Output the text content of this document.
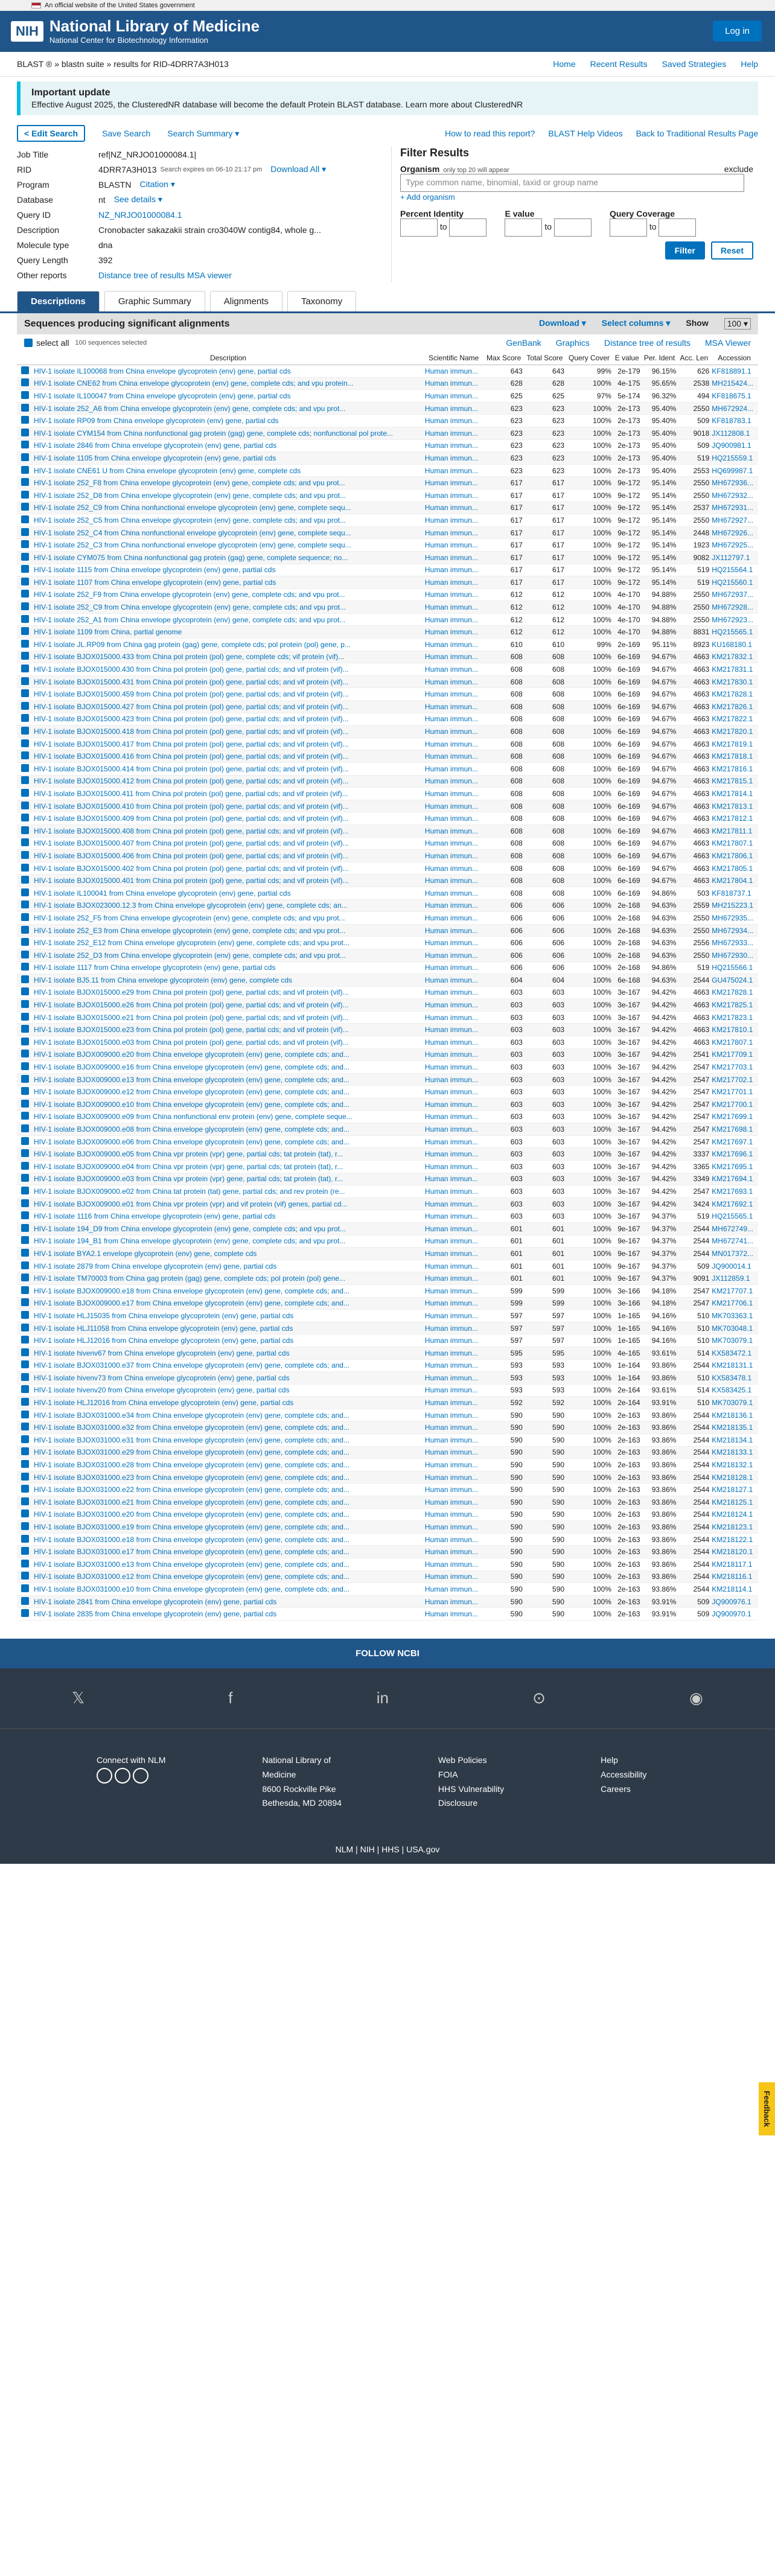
An official website of the United States government
NIH National Library of Medicine
National Center for Biotechnology Information
Log in
BLAST ® » blastn suite » results for RID-4DRR7A3H013	Home Recent Results Saved Strategies Help
Important update
Effective August 2025, the ClusteredNR database will become the default Protein BLAST database. Learn more about ClusteredNR
< Edit Search	Save Search Search Summary ▾	How to read this report? BLAST Help Videos Back to Traditional Results Page
Job Title	ref|NZ_NRJO01000084.1|
RID	4DRR7A3H013 Search expires on 06-10 21:17 pm Download All ▾
Program	BLASTN Citation ▾
Database	nt See details ▾
Query ID	NZ_NRJO01000084.1
Description	Cronobacter sakazakii strain cro3040W contig84, whole g...
Molecule type	dna
Query Length	392
Other reports	Distance tree of results MSA viewer
Filter Results
Organism only top 20 will appear	exclude
Type common name, binomial, taxid or group name
+ Add organism
Percent Identity
to
E value
to
Query Coverage
to
Filter	Reset
Descriptions	Graphic Summary	Alignments	Taxonomy
Sequences producing significant alignments	Download ▾ Select columns ▾ Show	100 ▾
select all 100 sequences selected	GenBank Graphics Distance tree of results MSA Viewer
	Description	Scientific Name	Max Score	Total Score	Query Cover	E value	Per. Ident	Acc. Len	Accession
	HIV-1 isolate IL100068 from China envelope glycoprotein (env) gene, partial cds	Human immun...	643	643	99%	2e-179	96.15%	626	KF818891.1
	HIV-1 isolate CNE62 from China envelope glycoprotein (env) gene, complete cds; and vpu protein...	Human immun...	628	628	100%	4e-175	95.65%	2538	MH215424...
	HIV-1 isolate IL100047 from China envelope glycoprotein (env) gene, partial cds	Human immun...	625	625	97%	5e-174	96.32%	494	KF818675.1
	HIV-1 isolate 252_A6 from China envelope glycoprotein (env) gene, complete cds; and vpu prot...	Human immun...	623	623	100%	2e-173	95.40%	2550	MH672924...
	HIV-1 isolate RP09 from China envelope glycoprotein (env) gene, partial cds	Human immun...	623	623	100%	2e-173	95.40%	509	KF818783.1
	HIV-1 isolate CYM154 from China nonfunctional gag protein (gag) gene, complete cds; nonfunctional pol prote...	Human immun...	623	623	100%	2e-173	95.40%	9018	JX112808.1
	HIV-1 isolate 2846 from China envelope glycoprotein (env) gene, partial cds	Human immun...	623	623	100%	2e-173	95.40%	509	JQ900981.1
	HIV-1 isolate 1105 from China envelope glycoprotein (env) gene, partial cds	Human immun...	623	623	100%	2e-173	95.40%	519	HQ215559.1
	HIV-1 isolate CNE61 U from China envelope glycoprotein (env) gene, complete cds	Human immun...	623	623	100%	2e-173	95.40%	2553	HQ699987.1
	HIV-1 isolate 252_F8 from China envelope glycoprotein (env) gene, complete cds; and vpu prot...	Human immun...	617	617	100%	9e-172	95.14%	2550	MH672936...
	HIV-1 isolate 252_D8 from China envelope glycoprotein (env) gene, complete cds; and vpu prot...	Human immun...	617	617	100%	9e-172	95.14%	2550	MH672932...
	HIV-1 isolate 252_C9 from China nonfunctional envelope glycoprotein (env) gene, complete sequ...	Human immun...	617	617	100%	9e-172	95.14%	2537	MH672931...
	HIV-1 isolate 252_C5 from China envelope glycoprotein (env) gene, complete cds; and vpu prot...	Human immun...	617	617	100%	9e-172	95.14%	2550	MH672927...
	HIV-1 isolate 252_C4 from China nonfunctional envelope glycoprotein (env) gene, complete sequ...	Human immun...	617	617	100%	9e-172	95.14%	2448	MH672926...
	HIV-1 isolate 252_C3 from China nonfunctional envelope glycoprotein (env) gene, complete sequ...	Human immun...	617	617	100%	9e-172	95.14%	1923	MH672925...
	HIV-1 isolate CYM075 from China nonfunctional gag protein (gag) gene, complete sequence; no...	Human immun...	617	617	100%	9e-172	95.14%	9082	JX112797.1
	HIV-1 isolate 1115 from China envelope glycoprotein (env) gene, partial cds	Human immun...	617	617	100%	9e-172	95.14%	519	HQ215564.1
	HIV-1 isolate 1107 from China envelope glycoprotein (env) gene, partial cds	Human immun...	617	617	100%	9e-172	95.14%	519	HQ215560.1
	HIV-1 isolate 252_F9 from China envelope glycoprotein (env) gene, complete cds; and vpu prot...	Human immun...	612	612	100%	4e-170	94.88%	2550	MH672937...
	HIV-1 isolate 252_C9 from China envelope glycoprotein (env) gene, complete cds; and vpu prot...	Human immun...	612	612	100%	4e-170	94.88%	2550	MH672928...
	HIV-1 isolate 252_A1 from China envelope glycoprotein (env) gene, complete cds; and vpu prot...	Human immun...	612	612	100%	4e-170	94.88%	2550	MH672923...
	HIV-1 isolate 1109 from China, partial genome	Human immun...	612	612	100%	4e-170	94.88%	8831	HQ215565.1
	HIV-1 isolate JL.RP09 from China gag protein (gag) gene, complete cds; pol protein (pol) gene, p...	Human immun...	610	610	99%	2e-169	95.11%	8923	KU168180.1
	HIV-1 isolate BJOX015000.433 from China pol protein (pol) gene, complete cds; vif protein (vif)...	Human immun...	608	608	100%	6e-169	94.67%	4663	KM217832.1
	HIV-1 isolate BJOX015000.430 from China pol protein (pol) gene, partial cds; and vif protein (vif)...	Human immun...	608	608	100%	6e-169	94.67%	4663	KM217831.1
	HIV-1 isolate BJOX015000.431 from China pol protein (pol) gene, partial cds; and vif protein (vif)...	Human immun...	608	608	100%	6e-169	94.67%	4663	KM217830.1
	HIV-1 isolate BJOX015000.459 from China pol protein (pol) gene, partial cds; and vif protein (vif)...	Human immun...	608	608	100%	6e-169	94.67%	4663	KM217828.1
	HIV-1 isolate BJOX015000.427 from China pol protein (pol) gene, partial cds; and vif protein (vif)...	Human immun...	608	608	100%	6e-169	94.67%	4663	KM217826.1
	HIV-1 isolate BJOX015000.423 from China pol protein (pol) gene, partial cds; and vif protein (vif)...	Human immun...	608	608	100%	6e-169	94.67%	4663	KM217822.1
	HIV-1 isolate BJOX015000.418 from China pol protein (pol) gene, partial cds; and vif protein (vif)...	Human immun...	608	608	100%	6e-169	94.67%	4663	KM217820.1
	HIV-1 isolate BJOX015000.417 from China pol protein (pol) gene, partial cds; and vif protein (vif)...	Human immun...	608	608	100%	6e-169	94.67%	4663	KM217819.1
	HIV-1 isolate BJOX015000.416 from China pol protein (pol) gene, partial cds; and vif protein (vif)...	Human immun...	608	608	100%	6e-169	94.67%	4663	KM217818.1
	HIV-1 isolate BJOX015000.414 from China pol protein (pol) gene, partial cds; and vif protein (vif)...	Human immun...	608	608	100%	6e-169	94.67%	4663	KM217816.1
	HIV-1 isolate BJOX015000.412 from China pol protein (pol) gene, partial cds; and vif protein (vif)...	Human immun...	608	608	100%	6e-169	94.67%	4663	KM217815.1
	HIV-1 isolate BJOX015000.411 from China pol protein (pol) gene, partial cds; and vif protein (vif)...	Human immun...	608	608	100%	6e-169	94.67%	4663	KM217814.1
	HIV-1 isolate BJOX015000.410 from China pol protein (pol) gene, partial cds; and vif protein (vif)...	Human immun...	608	608	100%	6e-169	94.67%	4663	KM217813.1
	HIV-1 isolate BJOX015000.409 from China pol protein (pol) gene, partial cds; and vif protein (vif)...	Human immun...	608	608	100%	6e-169	94.67%	4663	KM217812.1
	HIV-1 isolate BJOX015000.408 from China pol protein (pol) gene, partial cds; and vif protein (vif)...	Human immun...	608	608	100%	6e-169	94.67%	4663	KM217811.1
	HIV-1 isolate BJOX015000.407 from China pol protein (pol) gene, partial cds; and vif protein (vif)...	Human immun...	608	608	100%	6e-169	94.67%	4663	KM217807.1
	HIV-1 isolate BJOX015000.406 from China pol protein (pol) gene, partial cds; and vif protein (vif)...	Human immun...	608	608	100%	6e-169	94.67%	4663	KM217806.1
	HIV-1 isolate BJOX015000.402 from China pol protein (pol) gene, partial cds; and vif protein (vif)...	Human immun...	608	608	100%	6e-169	94.67%	4663	KM217805.1
	HIV-1 isolate BJOX015000.401 from China pol protein (pol) gene, partial cds; and vif protein (vif)...	Human immun...	608	608	100%	6e-169	94.67%	4663	KM217804.1
	HIV-1 isolate IL100041 from China envelope glycoprotein (env) gene, partial cds	Human immun...	608	608	100%	6e-169	94.86%	503	KF818737.1
	HIV-1 isolate BJOX023000.12.3 from China envelope glycoprotein (env) gene, complete cds; an...	Human immun...	606	606	100%	2e-168	94.63%	2559	MH215223.1
	HIV-1 isolate 252_F5 from China envelope glycoprotein (env) gene, complete cds; and vpu prot...	Human immun...	606	606	100%	2e-168	94.63%	2550	MH672935...
	HIV-1 isolate 252_E3 from China envelope glycoprotein (env) gene, complete cds; and vpu prot...	Human immun...	606	606	100%	2e-168	94.63%	2550	MH672934...
	HIV-1 isolate 252_E12 from China envelope glycoprotein (env) gene, complete cds; and vpu prot...	Human immun...	606	606	100%	2e-168	94.63%	2556	MH672933...
	HIV-1 isolate 252_D3 from China envelope glycoprotein (env) gene, complete cds; and vpu prot...	Human immun...	606	606	100%	2e-168	94.63%	2550	MH672930...
	HIV-1 isolate 1117 from China envelope glycoprotein (env) gene, partial cds	Human immun...	606	606	100%	2e-168	94.86%	519	HQ215566.1
	HIV-1 isolate BJ5.11 from China envelope glycoprotein (env) gene, complete cds	Human immun...	604	604	100%	6e-168	94.63%	2544	GU475024.1
	HIV-1 isolate BJOX015000.e29 from China pol protein (pol) gene, partial cds; and vif protein (vif)...	Human immun...	603	603	100%	3e-167	94.42%	4663	KM217828.1
	HIV-1 isolate BJOX015000.e26 from China pol protein (pol) gene, partial cds; and vif protein (vif)...	Human immun...	603	603	100%	3e-167	94.42%	4663	KM217825.1
	HIV-1 isolate BJOX015000.e21 from China pol protein (pol) gene, partial cds; and vif protein (vif)...	Human immun...	603	603	100%	3e-167	94.42%	4663	KM217823.1
	HIV-1 isolate BJOX015000.e23 from China pol protein (pol) gene, partial cds; and vif protein (vif)...	Human immun...	603	603	100%	3e-167	94.42%	4663	KM217810.1
	HIV-1 isolate BJOX015000.e03 from China pol protein (pol) gene, partial cds; and vif protein (vif)...	Human immun...	603	603	100%	3e-167	94.42%	4663	KM217807.1
	HIV-1 isolate BJOX009000.e20 from China envelope glycoprotein (env) gene, complete cds; and...	Human immun...	603	603	100%	3e-167	94.42%	2541	KM217709.1
	HIV-1 isolate BJOX009000.e16 from China envelope glycoprotein (env) gene, complete cds; and...	Human immun...	603	603	100%	3e-167	94.42%	2547	KM217703.1
	HIV-1 isolate BJOX009000.e13 from China envelope glycoprotein (env) gene, complete cds; and...	Human immun...	603	603	100%	3e-167	94.42%	2547	KM217702.1
	HIV-1 isolate BJOX009000.e12 from China envelope glycoprotein (env) gene, complete cds; and...	Human immun...	603	603	100%	3e-167	94.42%	2547	KM217701.1
	HIV-1 isolate BJOX009000.e10 from China envelope glycoprotein (env) gene, complete cds; and...	Human immun...	603	603	100%	3e-167	94.42%	2547	KM217700.1
	HIV-1 isolate BJOX009000.e09 from China nonfunctional env protein (env) gene, complete seque...	Human immun...	603	603	100%	3e-167	94.42%	2547	KM217699.1
	HIV-1 isolate BJOX009000.e08 from China envelope glycoprotein (env) gene, complete cds; and...	Human immun...	603	603	100%	3e-167	94.42%	2547	KM217698.1
	HIV-1 isolate BJOX009000.e06 from China envelope glycoprotein (env) gene, complete cds; and...	Human immun...	603	603	100%	3e-167	94.42%	2547	KM217697.1
	HIV-1 isolate BJOX009000.e05 from China vpr protein (vpr) gene, partial cds; tat protein (tat), r...	Human immun...	603	603	100%	3e-167	94.42%	3337	KM217696.1
	HIV-1 isolate BJOX009000.e04 from China vpr protein (vpr) gene, partial cds; tat protein (tat), r...	Human immun...	603	603	100%	3e-167	94.42%	3365	KM217695.1
	HIV-1 isolate BJOX009000.e03 from China vpr protein (vpr) gene, partial cds; tat protein (tat), r...	Human immun...	603	603	100%	3e-167	94.42%	3349	KM217694.1
	HIV-1 isolate BJOX009000.e02 from China tat protein (tat) gene, partial cds; and rev protein (re...	Human immun...	603	603	100%	3e-167	94.42%	2547	KM217693.1
	HIV-1 isolate BJOX009000.e01 from China vpr protein (vpr) and vif protein (vif) genes, partial cd...	Human immun...	603	603	100%	3e-167	94.42%	3424	KM217692.1
	HIV-1 isolate 1116 from China envelope glycoprotein (env) gene, partial cds	Human immun...	603	603	100%	3e-167	94.37%	519	HQ215565.1
	HIV-1 isolate 194_D9 from China envelope glycoprotein (env) gene, complete cds; and vpu prot...	Human immun...	601	601	100%	9e-167	94.37%	2544	MH672749...
	HIV-1 isolate 194_B1 from China envelope glycoprotein (env) gene, complete cds; and vpu prot...	Human immun...	601	601	100%	9e-167	94.37%	2544	MH672741...
	HIV-1 isolate BYA2.1 envelope glycoprotein (env) gene, complete cds	Human immun...	601	601	100%	9e-167	94.37%	2544	MN017372...
	HIV-1 isolate 2879 from China envelope glycoprotein (env) gene, partial cds	Human immun...	601	601	100%	9e-167	94.37%	509	JQ900014.1
	HIV-1 isolate TM70003 from China gag protein (gag) gene, complete cds; pol protein (pol) gene...	Human immun...	601	601	100%	9e-167	94.37%	9091	JX112859.1
	HIV-1 isolate BJOX009000.e18 from China envelope glycoprotein (env) gene, complete cds; and...	Human immun...	599	599	100%	3e-166	94.18%	2547	KM217707.1
	HIV-1 isolate BJOX009000.e17 from China envelope glycoprotein (env) gene, complete cds; and...	Human immun...	599	599	100%	3e-166	94.18%	2547	KM217706.1
	HIV-1 isolate HLJ15035 from China envelope glycoprotein (env) gene, partial cds	Human immun...	597	597	100%	1e-165	94.16%	510	MK703363.1
	HIV-1 isolate HLJ11058 from China envelope glycoprotein (env) gene, partial cds	Human immun...	597	597	100%	1e-165	94.16%	510	MK703048.1
	HIV-1 isolate HLJ12016 from China envelope glycoprotein (env) gene, partial cds	Human immun...	597	597	100%	1e-165	94.16%	510	MK703079.1
	HIV-1 isolate hivenv67 from China envelope glycoprotein (env) gene, partial cds	Human immun...	595	595	100%	4e-165	93.61%	514	KX583472.1
	HIV-1 isolate BJOX031000.e37 from China envelope glycoprotein (env) gene, complete cds; and...	Human immun...	593	593	100%	1e-164	93.86%	2544	KM218131.1
	HIV-1 isolate hivenv73 from China envelope glycoprotein (env) gene, partial cds	Human immun...	593	593	100%	1e-164	93.86%	510	KX583478.1
	HIV-1 isolate hivenv20 from China envelope glycoprotein (env) gene, partial cds	Human immun...	593	593	100%	2e-164	93.61%	514	KX583425.1
	HIV-1 isolate HLJ12016 from China envelope glycoprotein (env) gene, partial cds	Human immun...	592	592	100%	2e-164	93.91%	510	MK703079.1
	HIV-1 isolate BJOX031000.e34 from China envelope glycoprotein (env) gene, complete cds; and...	Human immun...	590	590	100%	2e-163	93.86%	2544	KM218136.1
	HIV-1 isolate BJOX031000.e32 from China envelope glycoprotein (env) gene, complete cds; and...	Human immun...	590	590	100%	2e-163	93.86%	2544	KM218135.1
	HIV-1 isolate BJOX031000.e31 from China envelope glycoprotein (env) gene, complete cds; and...	Human immun...	590	590	100%	2e-163	93.86%	2544	KM218134.1
	HIV-1 isolate BJOX031000.e29 from China envelope glycoprotein (env) gene, complete cds; and...	Human immun...	590	590	100%	2e-163	93.86%	2544	KM218133.1
	HIV-1 isolate BJOX031000.e28 from China envelope glycoprotein (env) gene, complete cds; and...	Human immun...	590	590	100%	2e-163	93.86%	2544	KM218132.1
	HIV-1 isolate BJOX031000.e23 from China envelope glycoprotein (env) gene, complete cds; and...	Human immun...	590	590	100%	2e-163	93.86%	2544	KM218128.1
	HIV-1 isolate BJOX031000.e22 from China envelope glycoprotein (env) gene, complete cds; and...	Human immun...	590	590	100%	2e-163	93.86%	2544	KM218127.1
	HIV-1 isolate BJOX031000.e21 from China envelope glycoprotein (env) gene, complete cds; and...	Human immun...	590	590	100%	2e-163	93.86%	2544	KM218125.1
	HIV-1 isolate BJOX031000.e20 from China envelope glycoprotein (env) gene, complete cds; and...	Human immun...	590	590	100%	2e-163	93.86%	2544	KM218124.1
	HIV-1 isolate BJOX031000.e19 from China envelope glycoprotein (env) gene, complete cds; and...	Human immun...	590	590	100%	2e-163	93.86%	2544	KM218123.1
	HIV-1 isolate BJOX031000.e18 from China envelope glycoprotein (env) gene, complete cds; and...	Human immun...	590	590	100%	2e-163	93.86%	2544	KM218122.1
	HIV-1 isolate BJOX031000.e17 from China envelope glycoprotein (env) gene, complete cds; and...	Human immun...	590	590	100%	2e-163	93.86%	2544	KM218120.1
	HIV-1 isolate BJOX031000.e13 from China envelope glycoprotein (env) gene, complete cds; and...	Human immun...	590	590	100%	2e-163	93.86%	2544	KM218117.1
	HIV-1 isolate BJOX031000.e12 from China envelope glycoprotein (env) gene, complete cds; and...	Human immun...	590	590	100%	2e-163	93.86%	2544	KM218116.1
	HIV-1 isolate BJOX031000.e10 from China envelope glycoprotein (env) gene, complete cds; and...	Human immun...	590	590	100%	2e-163	93.86%	2544	KM218114.1
	HIV-1 isolate 2841 from China envelope glycoprotein (env) gene, partial cds	Human immun...	590	590	100%	2e-163	93.91%	509	JQ900976.1
	HIV-1 isolate 2835 from China envelope glycoprotein (env) gene, partial cds	Human immun...	590	590	100%	2e-163	93.91%	509	JQ900970.1
FOLLOW NCBI
𝕏	f	in	⊙	◉
Connect with NLM	National Library of
Medicine
8600 Rockville Pike
Bethesda, MD 20894
Web Policies
FOIA
HHS Vulnerability
Disclosure
Help
Accessibility
Careers
NLM | NIH | HHS | USA.gov
Feedback
